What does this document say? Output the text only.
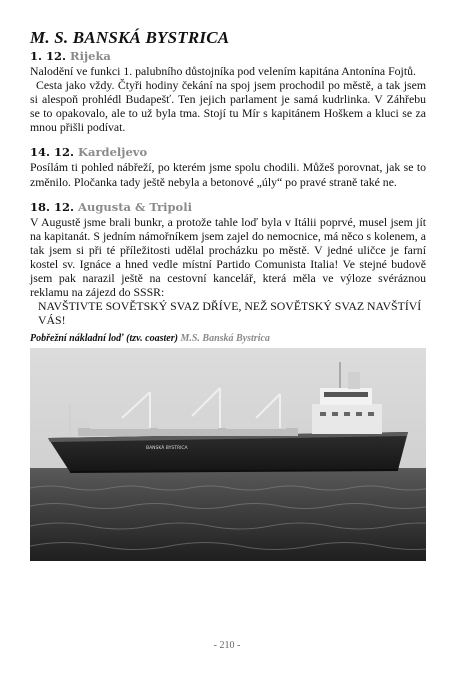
M. S. BANSKÁ BYSTRICA

1. 12. Rijeka

Nalodění ve funkci 1. palubního důstojníka pod velením kapitána Antonína Fojtů.

Cesta jako vždy. Čtyři hodiny čekání na spoj jsem prochodil po městě, a tak jsem si alespoň prohlédl Budapešť. Ten jejich parlament je samá kudrlinka. V Záhřebu se to opakovalo, ale to už byla tma. Stojí tu Mír s kapitánem Hoškem a kluci se za mnou přišli podívat.

14. 12. Kardeljevo

Posílám ti pohled nábřeží, po kterém jsme spolu chodili. Můžeš porovnat, jak se to změnilo. Pločanka tady ještě nebyla a betonové „úly“ po pravé straně také ne.

18. 12. Augusta & Tripoli

V Augustě jsme brali bunkr, a protože tahle loď byla v Itálii poprvé, musel jsem jít na kapitanát. S jedním námořníkem jsem zajel do nemocnice, má něco s kolenem, a tak jsem si při té příležitosti udělal procházku po městě. V jedné uličce je farní kostel sv. Ignáce a hned vedle místní Partido Comunista Italia! Ve stejné budově jsem pak narazil ještě na cestovní kancelář, která měla ve výloze svéráznou reklamu na zájezd do SSSR:

NAVŠTIVTE SOVĚTSKÝ SVAZ DŘÍVE, NEŽ SOVĚTSKÝ SVAZ NAVŠTÍVÍ VÁS!

Pobřežní nákladní loď (tzv. coaster) M.S. Banská Bystrica

BANSKÁ BYSTRICA
- 210 -
